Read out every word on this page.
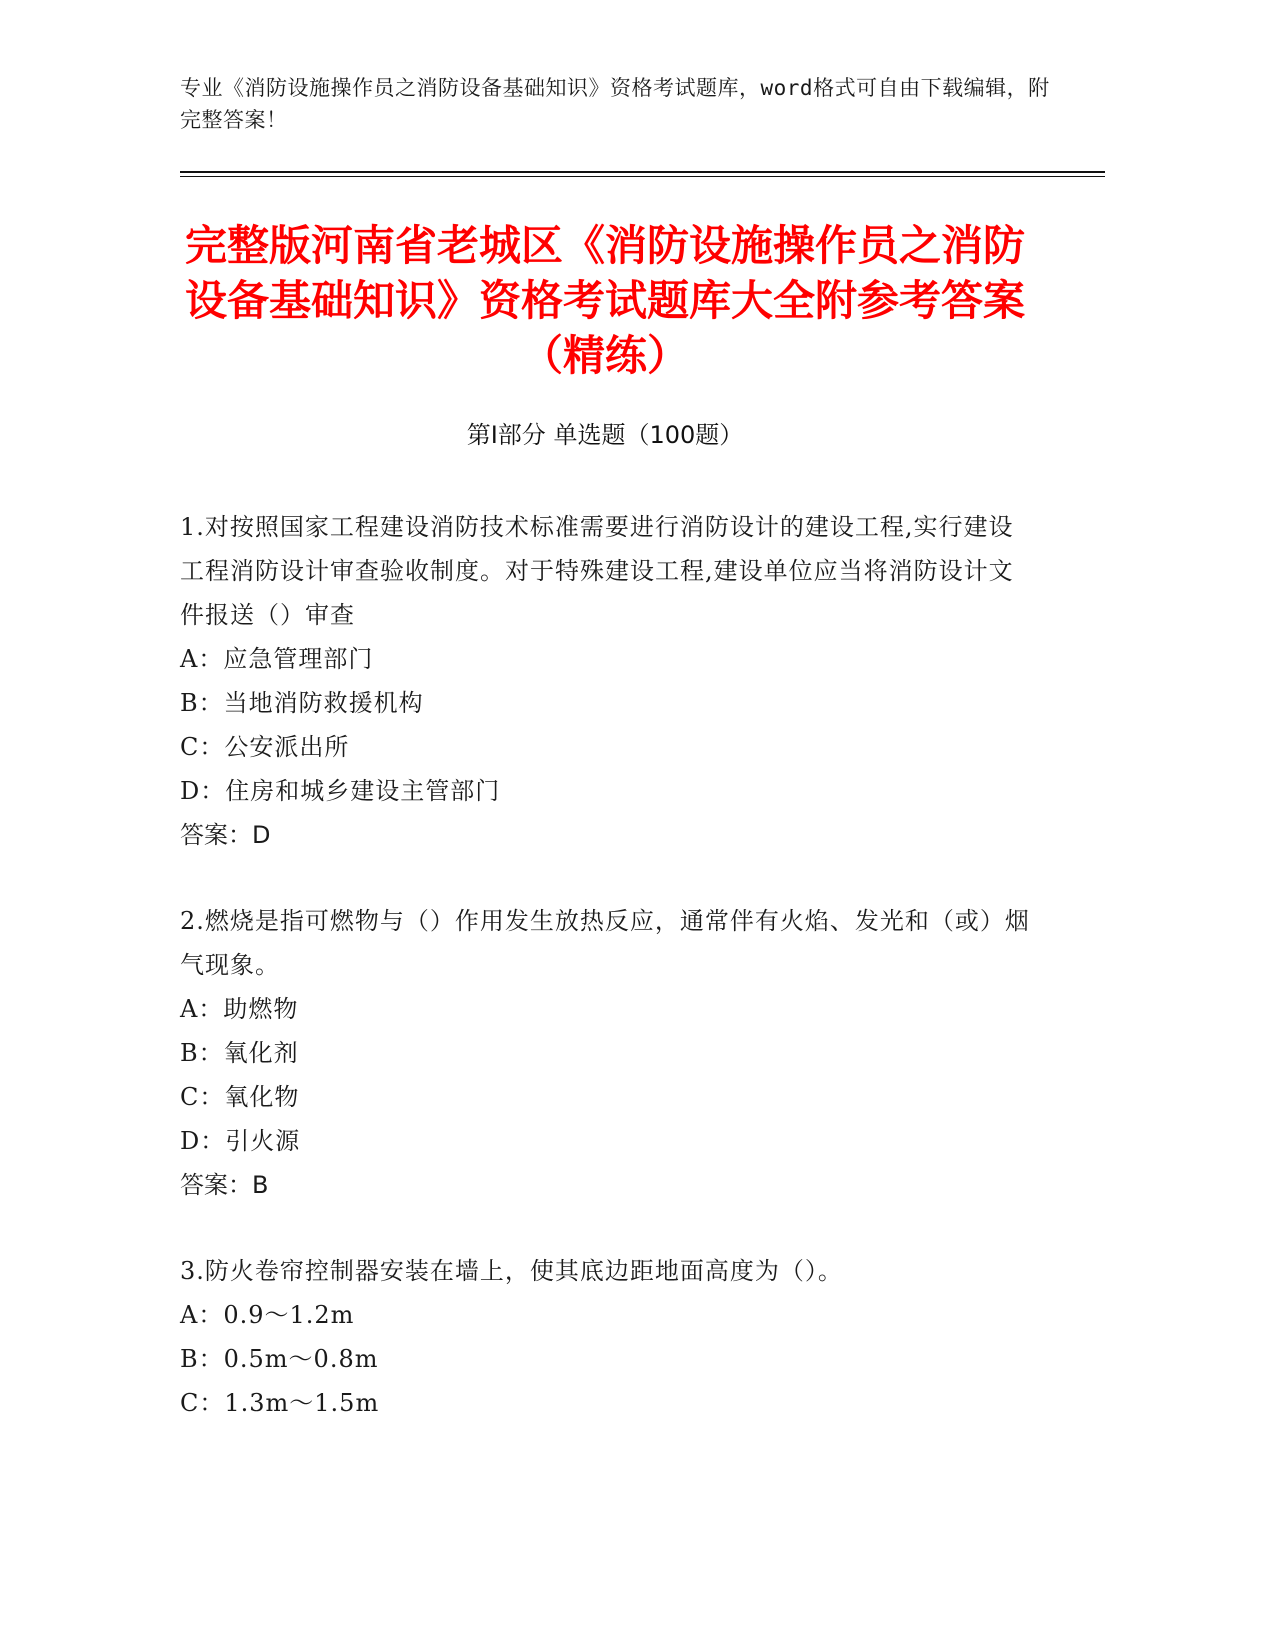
专业《消防设施操作员之消防设备基础知识》资格考试题库，word格式可自由下载编辑，附完整答案！
完整版河南省老城区《消防设施操作员之消防设备基础知识》资格考试题库大全附参考答案（精练）
第Ⅰ部分 单选题（100题）
1.对按照国家工程建设消防技术标准需要进行消防设计的建设工程,实行建设工程消防设计审查验收制度。对于特殊建设工程,建设单位应当将消防设计文件报送（）审查
A：应急管理部门
B：当地消防救援机构
C：公安派出所
D：住房和城乡建设主管部门
答案：D
2.燃烧是指可燃物与（）作用发生放热反应，通常伴有火焰、发光和（或）烟气现象。
A：助燃物
B：氧化剂
C：氧化物
D：引火源
答案：B
3.防火卷帘控制器安装在墙上，使其底边距地面高度为（）。
A：0.9～1.2m
B：0.5m～0.8m
C：1.3m～1.5m
